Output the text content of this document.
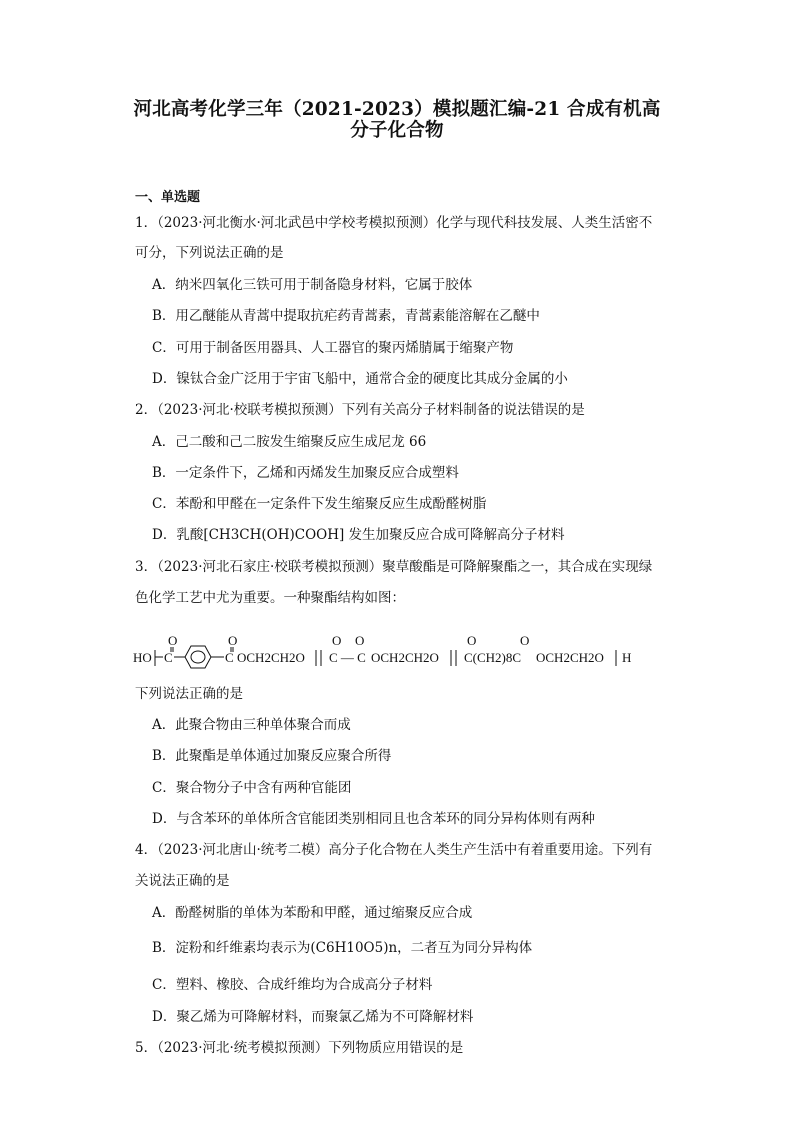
河北高考化学三年（2021-2023）模拟题汇编-21 合成有机高
分子化合物
一、单选题
1．（2023·河北衡水·河北武邑中学校考模拟预测）化学与现代科技发展、人类生活密不
可分，下列说法正确的是
A．纳米四氧化三铁可用于制备隐身材料，它属于胶体
B．用乙醚能从青蒿中提取抗疟药青蒿素，青蒿素能溶解在乙醚中
C．可用于制备医用器具、人工器官的聚丙烯腈属于缩聚产物
D．镍钛合金广泛用于宇宙飞船中，通常合金的硬度比其成分金属的小
2．（2023·河北·校联考模拟预测）下列有关高分子材料制备的说法错误的是
A．己二酸和己二胺发生缩聚反应生成尼龙 66
B．一定条件下，乙烯和丙烯发生加聚反应合成塑料
C．苯酚和甲醛在一定条件下发生缩聚反应生成酚醛树脂
D．乳酸[CH3CH(OH)COOH] 发生加聚反应合成可降解高分子材料
3．（2023·河北石家庄·校联考模拟预测）聚草酸酯是可降解聚酯之一，其合成在实现绿
色化学工艺中尤为重要。一种聚酯结构如图：
HO C
O
C
O
OCH2CH2O C — C
O O
OCH2CH2O C(CH2)8C
O	O
OCH2CH2O H
下列说法正确的是
A．此聚合物由三种单体聚合而成
B．此聚酯是单体通过加聚反应聚合所得
C．聚合物分子中含有两种官能团
D．与含苯环的单体所含官能团类别相同且也含苯环的同分异构体则有两种
4．（2023·河北唐山·统考二模）高分子化合物在人类生产生活中有着重要用途。下列有
关说法正确的是
A．酚醛树脂的单体为苯酚和甲醛，通过缩聚反应合成
B．淀粉和纤维素均表示为(C6H10O5)n，二者互为同分异构体
C．塑料、橡胶、合成纤维均为合成高分子材料
D．聚乙烯为可降解材料，而聚氯乙烯为不可降解材料
5．（2023·河北·统考模拟预测）下列物质应用错误的是
